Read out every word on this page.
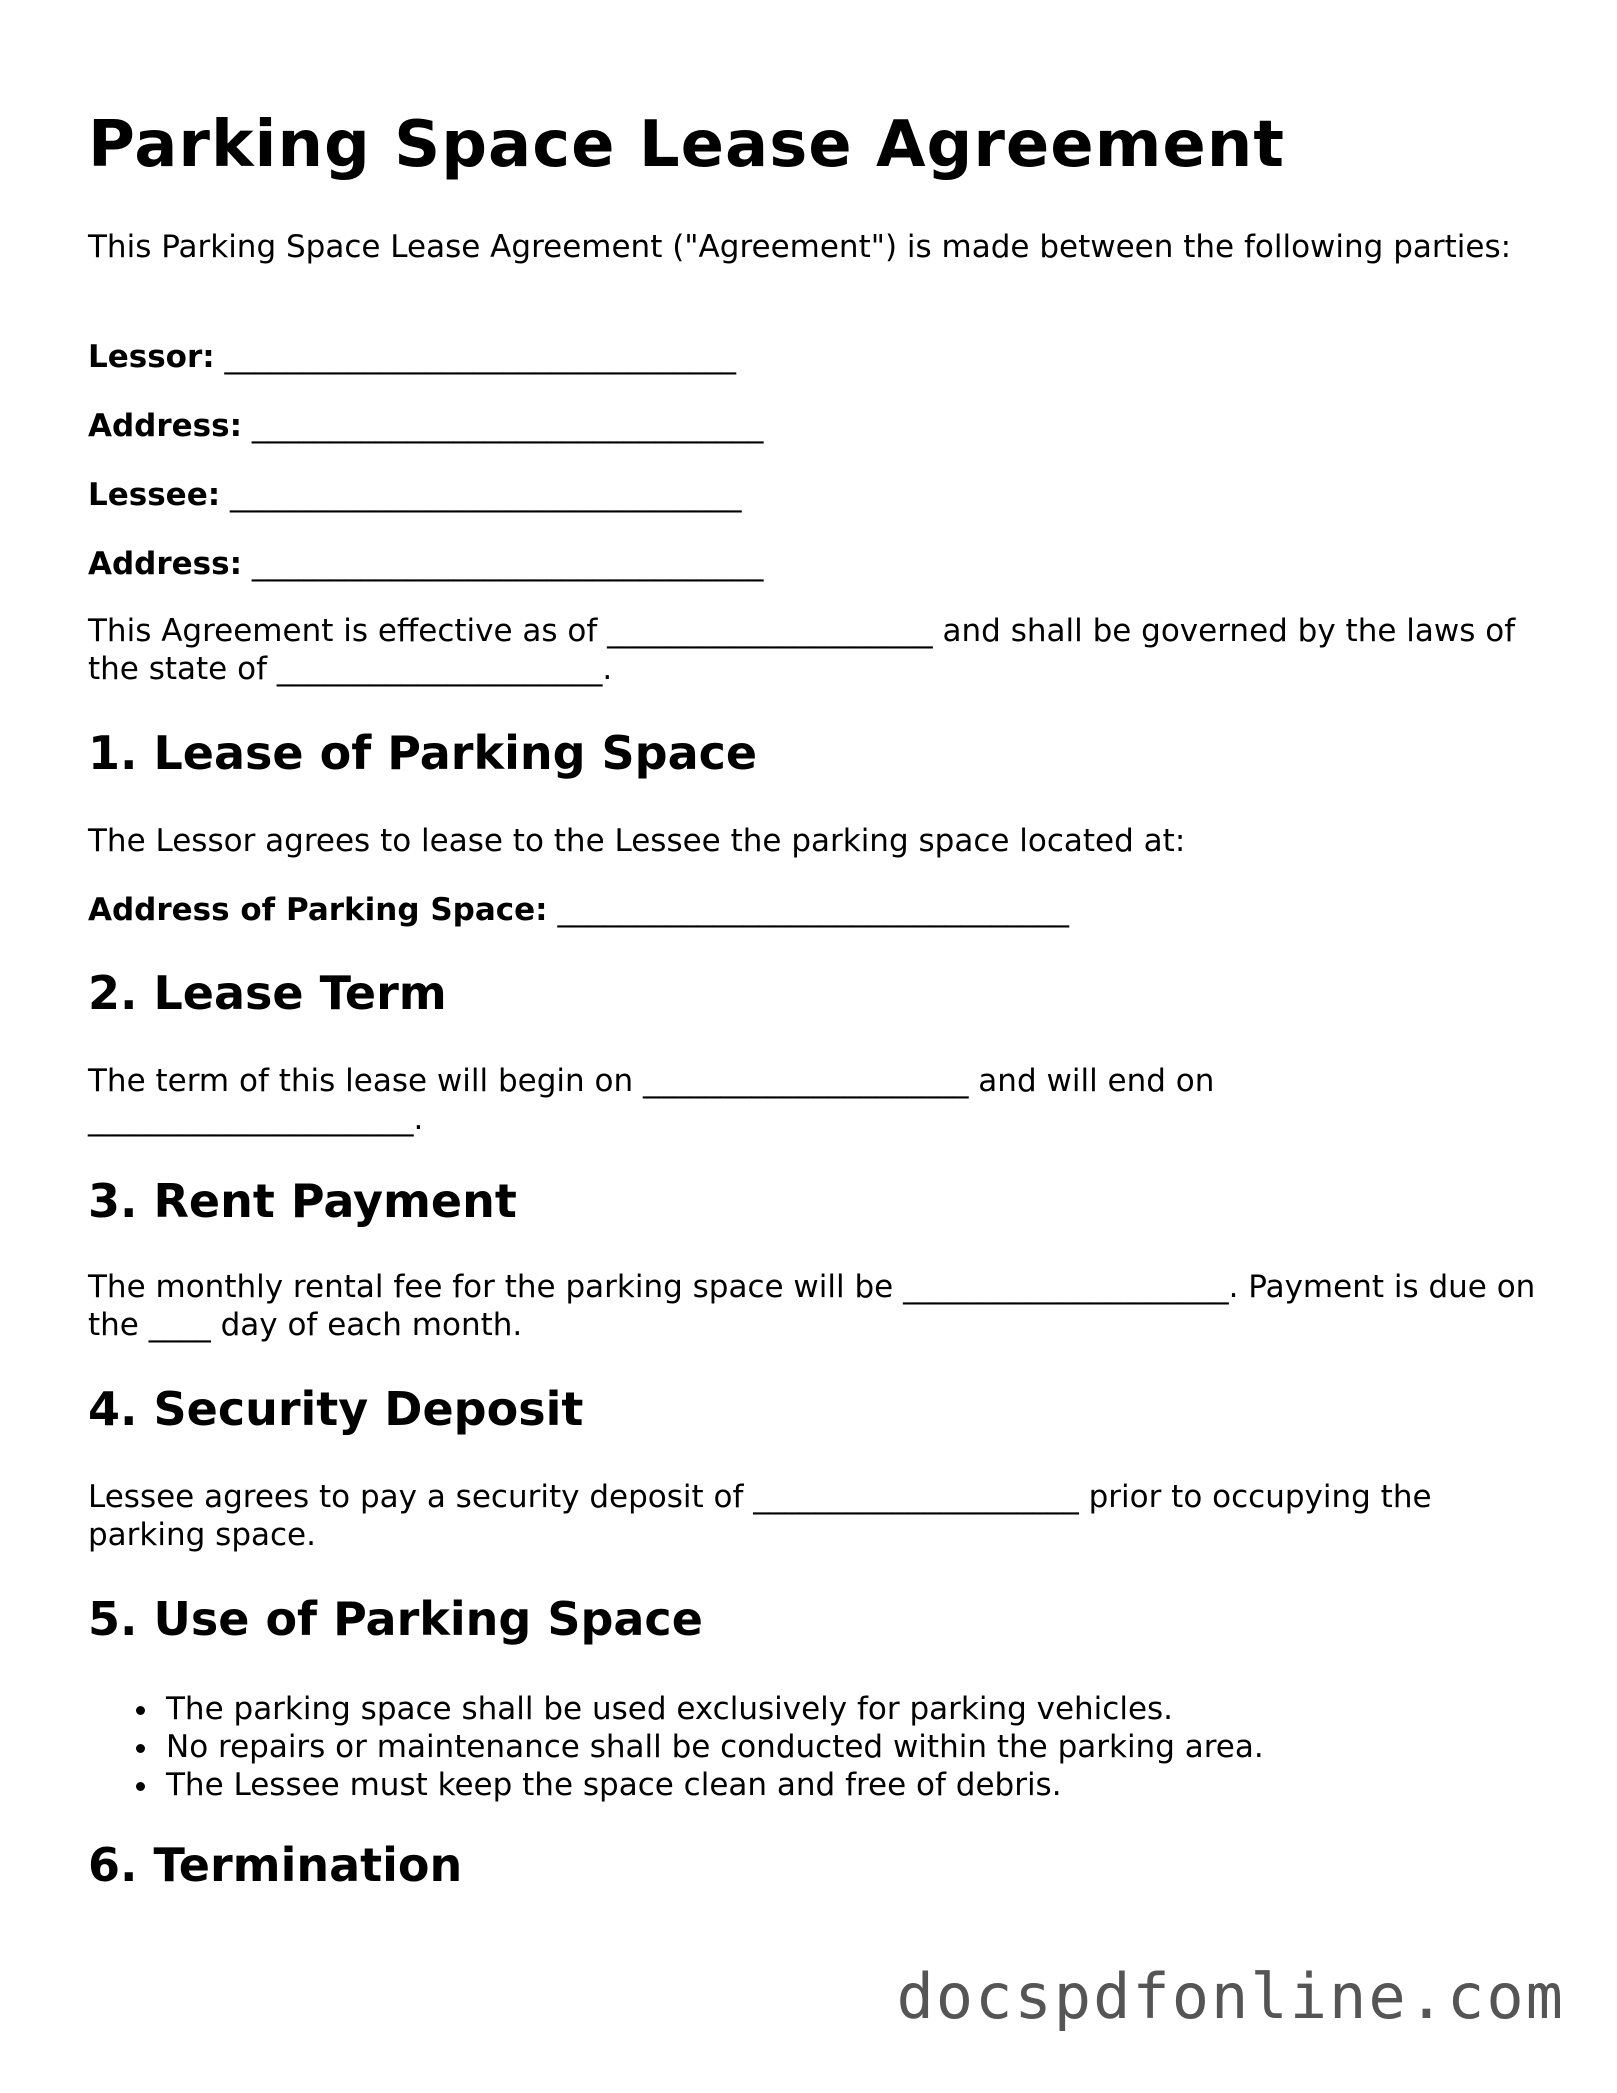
Parking Space Lease Agreement

This Parking Space Lease Agreement ("Agreement") is made between the following parties:

Lessor: _________________________________
Address: _________________________________
Lessee: _________________________________
Address: _________________________________

This Agreement is effective as of _____________________ and shall be governed by the laws of the state of _____________________.

1. Lease of Parking Space

The Lessor agrees to lease to the Lessee the parking space located at:

Address of Parking Space: _________________________________
2. Lease Term

The term of this lease will begin on _____________________ and will end on _____________________.

3. Rent Payment

The monthly rental fee for the parking space will be _____________________. Payment is due on the ____ day of each month.

4. Security Deposit

Lessee agrees to pay a security deposit of _____________________ prior to occupying the parking space.

5. Use of Parking Space
The parking space shall be used exclusively for parking vehicles.
No repairs or maintenance shall be conducted within the parking area.
The Lessee must keep the space clean and free of debris.
6. Termination
docspdfonline.com
